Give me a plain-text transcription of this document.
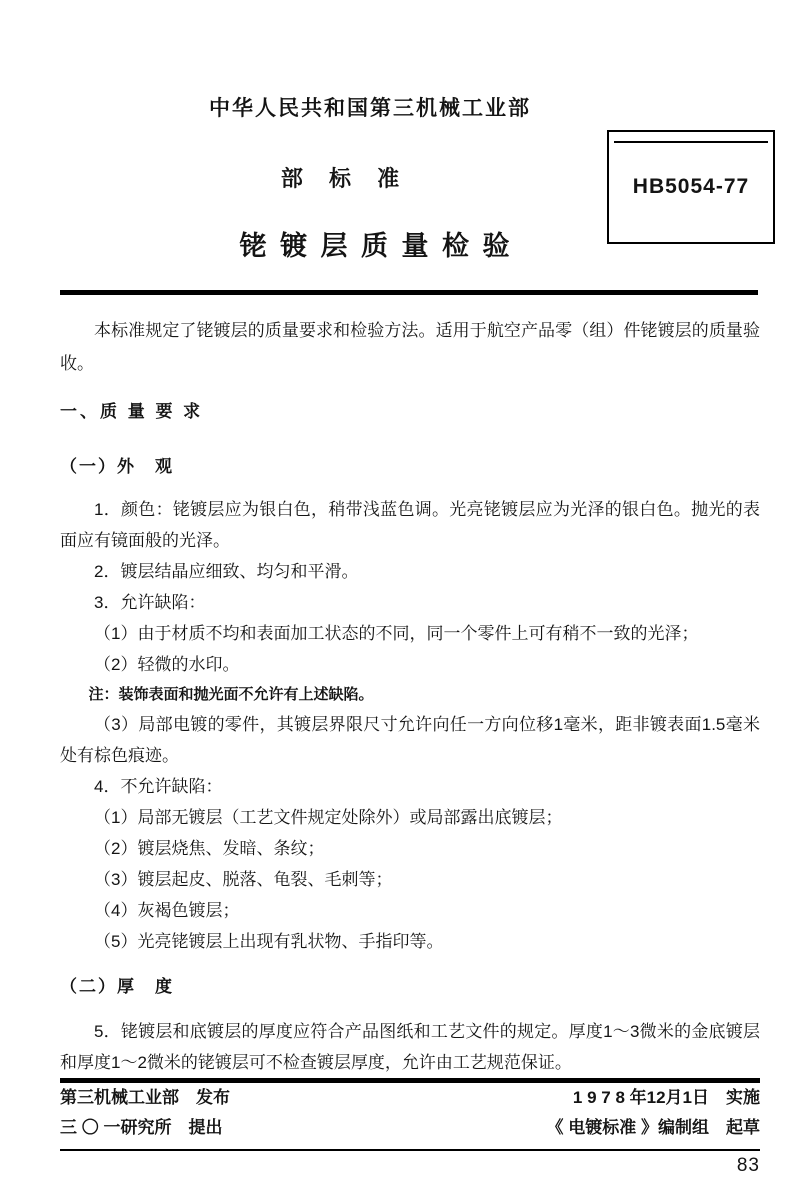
中华人民共和国第三机械工业部
部 标 准	HB5054-77
铑 镀 层 质 量 检 验

本标准规定了铑镀层的质量要求和检验方法。适用于航空产品零（组）件铑镀层的质量验收。

一、质 量 要 求

（一）外　观

1．颜色：铑镀层应为银白色，稍带浅蓝色调。光亮铑镀层应为光泽的银白色。抛光的表面应有镜面般的光泽。

2．镀层结晶应细致、均匀和平滑。

3．允许缺陷：

（1）由于材质不均和表面加工状态的不同，同一个零件上可有稍不一致的光泽；

（2）轻微的水印。

注：装饰表面和抛光面不允许有上述缺陷。

（3）局部电镀的零件，其镀层界限尺寸允许向任一方向位移1毫米，距非镀表面1.5毫米处有棕色痕迹。

4．不允许缺陷：

（1）局部无镀层（工艺文件规定处除外）或局部露出底镀层；

（2）镀层烧焦、发暗、条纹；

（3）镀层起皮、脱落、龟裂、毛刺等；

（4）灰褐色镀层；

（5）光亮铑镀层上出现有乳状物、手指印等。

（二）厚　度

5．铑镀层和底镀层的厚度应符合产品图纸和工艺文件的规定。厚度1～3微米的金底镀层和厚度1～2微米的铑镀层可不检查镀层厚度，允许由工艺规范保证。

第三机械工业部　发布	1 9 7 8 年12月1日　实施
三 〇 一研究所　提出	《 电镀标准 》编制组　起草
83
